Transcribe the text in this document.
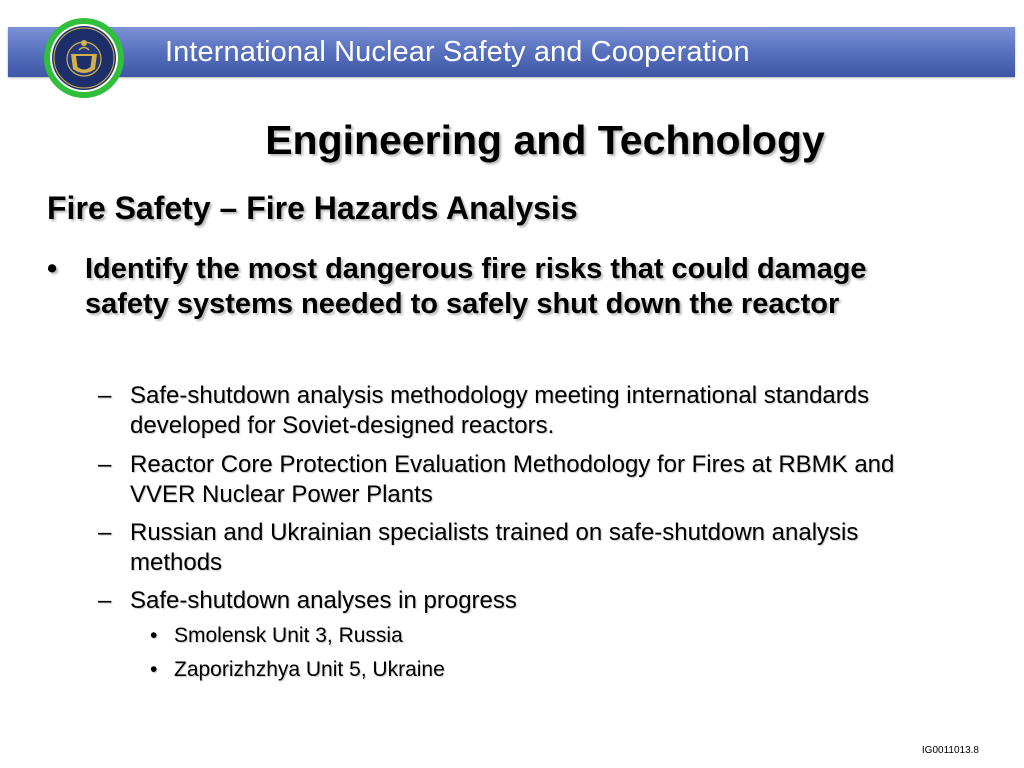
International Nuclear Safety and Cooperation
Engineering and Technology
Fire Safety – Fire Hazards Analysis
• Identify the most dangerous fire risks that could damage safety systems needed to safely shut down the reactor
– Safe-shutdown analysis methodology meeting international standards developed for Soviet-designed reactors.
– Reactor Core Protection Evaluation Methodology for Fires at RBMK and VVER Nuclear Power Plants
– Russian and Ukrainian specialists trained on safe-shutdown analysis methods
– Safe-shutdown analyses in progress
• Smolensk Unit 3, Russia
• Zaporizhzhya Unit 5, Ukraine
IG0011013.8
